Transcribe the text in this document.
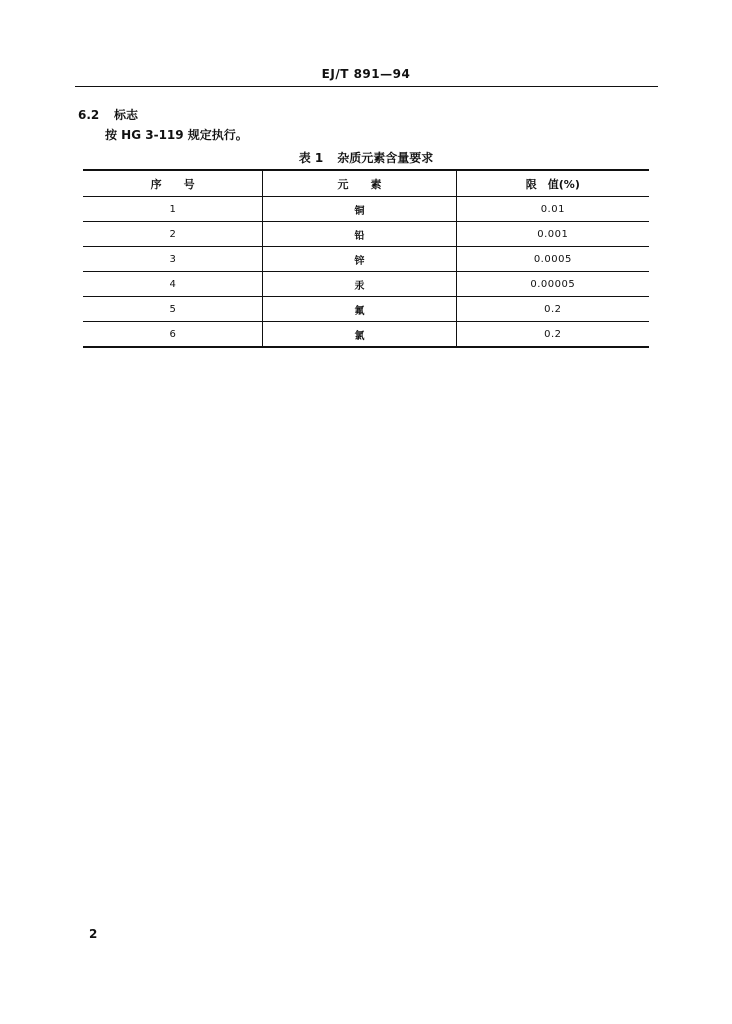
EJ/T 891—94
6.2 标志
按 HG 3-119 规定执行。
表 1 杂质元素含量要求
序　　号	元　　素	限　值(%)
1	铜	0.01
2	铅	0.001
3	锌	0.0005
4	汞	0.00005
5	氟	0.2
6	氯	0.2
2
